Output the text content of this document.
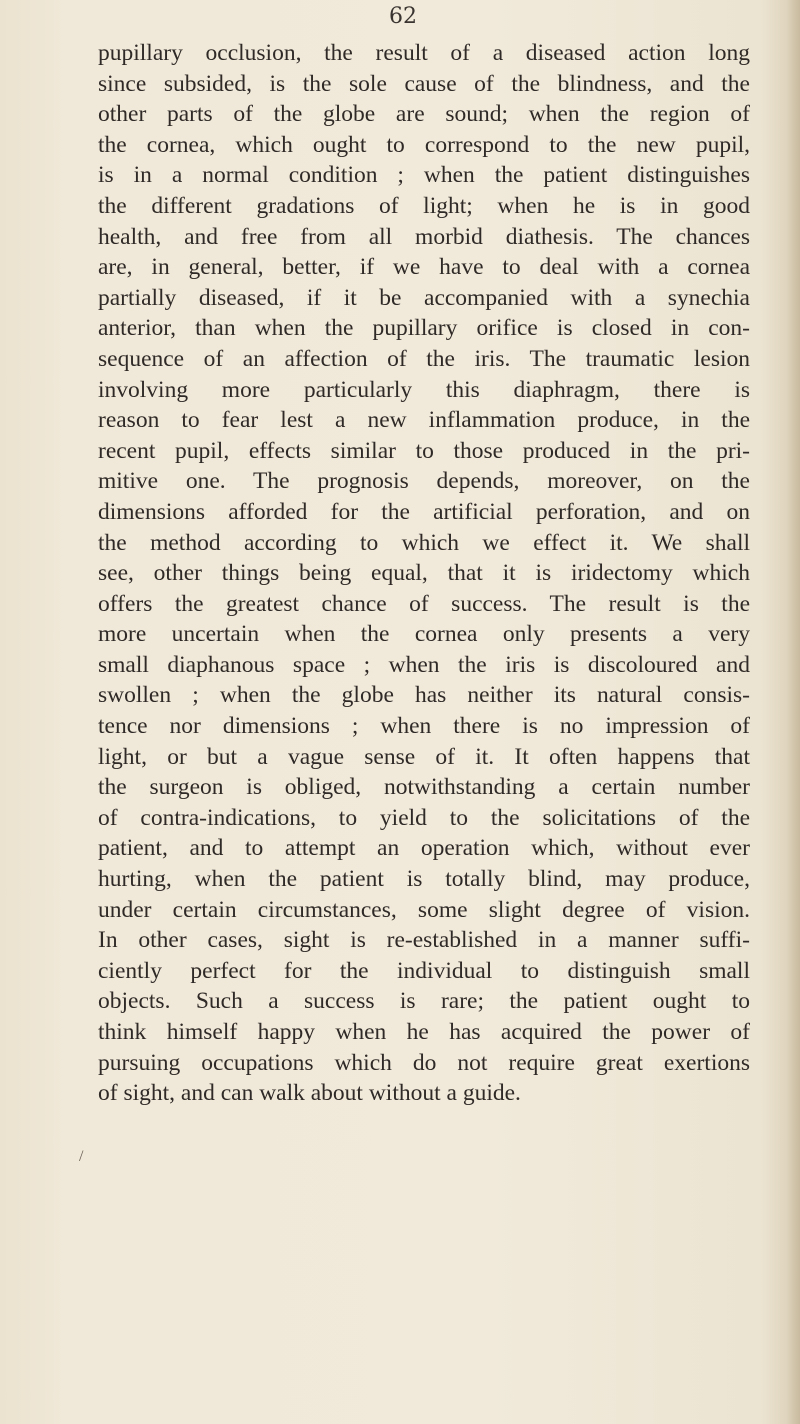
62
/
pupillary occlusion, the result of a diseased action long
since subsided, is the sole cause of the blindness, and the
other parts of the globe are sound; when the region of
the cornea, which ought to correspond to the new pupil,
is in a normal condition ; when the patient distinguishes
the different gradations of light; when he is in good
health, and free from all morbid diathesis. The chances
are, in general, better, if we have to deal with a cornea
partially diseased, if it be accompanied with a synechia
anterior, than when the pupillary orifice is closed in con-
sequence of an affection of the iris. The traumatic lesion
involving more particularly this diaphragm, there is
reason to fear lest a new inflammation produce, in the
recent pupil, effects similar to those produced in the pri-
mitive one. The prognosis depends, moreover, on the
dimensions afforded for the artificial perforation, and on
the method according to which we effect it. We shall
see, other things being equal, that it is iridectomy which
offers the greatest chance of success. The result is the
more uncertain when the cornea only presents a very
small diaphanous space ; when the iris is discoloured and
swollen ; when the globe has neither its natural consis-
tence nor dimensions ; when there is no impression of
light, or but a vague sense of it. It often happens that
the surgeon is obliged, notwithstanding a certain number
of contra-indications, to yield to the solicitations of the
patient, and to attempt an operation which, without ever
hurting, when the patient is totally blind, may produce,
under certain circumstances, some slight degree of vision.
In other cases, sight is re-established in a manner suffi-
ciently perfect for the individual to distinguish small
objects. Such a success is rare; the patient ought to
think himself happy when he has acquired the power of
pursuing occupations which do not require great exertions
of sight, and can walk about without a guide.
